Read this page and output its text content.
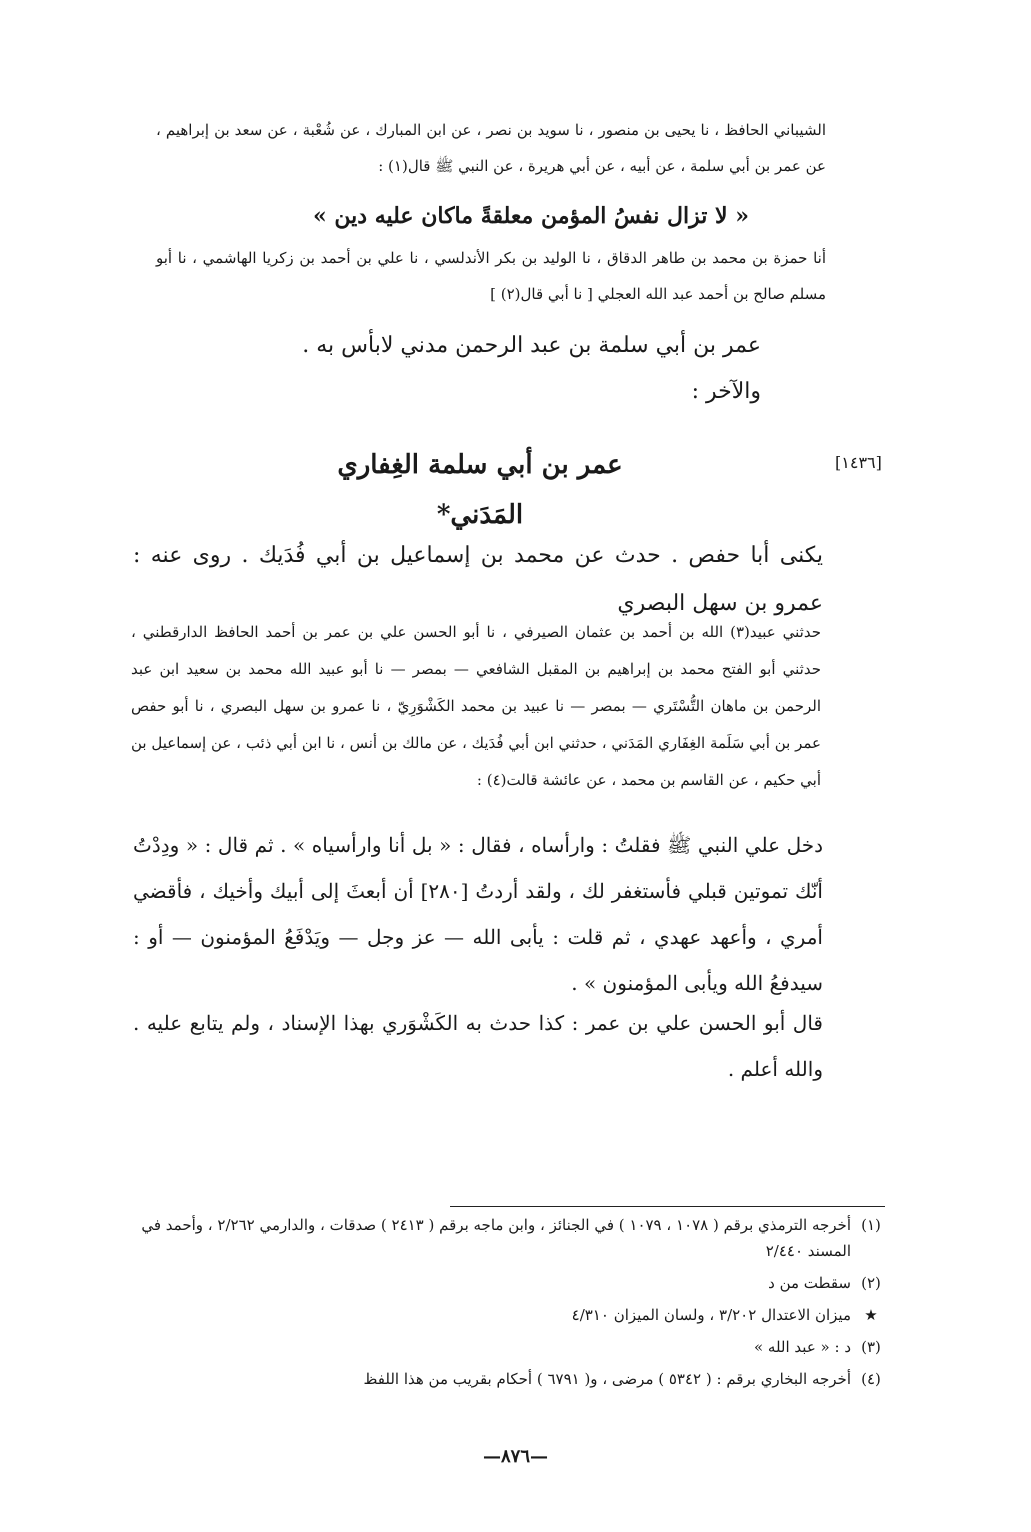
الشيباني الحافظ ، نا يحيى بن منصور ، نا سويد بن نصر ، عن ابن المبارك ، عن شُعْبة ، عن سعد بن إبراهيم ، عن عمر بن أبي سلمة ، عن أبيه ، عن أبي هريرة ، عن النبي ﷺ قال(١) :
« لا تزال نفسُ المؤمن معلقةً ماكان عليه دين »
أنا حمزة بن محمد بن طاهر الدقاق ، نا الوليد بن بكر الأندلسي ، نا علي بن أحمد بن زكريا الهاشمي ، نا أبو مسلم صالح بن أحمد عبد الله العجلي [ نا أبي قال(٢) ]
عمر بن أبي سلمة بن عبد الرحمن مدني لابأس به .
والآخر :
[١٤٣٦]
عمر بن أبي سلمة الغِفاري المَدَني*
يكنى أبا حفص . حدث عن محمد بن إسماعيل بن أبي فُدَيك . روى عنه : عمرو بن سهل البصري
حدثني عبيد(٣) الله بن أحمد بن عثمان الصيرفي ، نا أبو الحسن علي بن عمر بن أحمد الحافظ الدارقطني ، حدثني أبو الفتح محمد بن إبراهيم بن المقبل الشافعي — بمصر — نا أبو عبيد الله محمد بن سعيد ابن عبد الرحمن بن ماهان التُّسْتَري — بمصر — نا عبيد بن محمد الكَشْوَرِيّ ، نا عمرو بن سهل البصري ، نا أبو حفص عمر بن أبي سَلَمة الغِفَاري المَدَني ، حدثني ابن أبي فُدَيك ، عن مالك بن أنس ، نا ابن أبي ذئب ، عن إسماعيل بن أبي حكيم ، عن القاسم بن محمد ، عن عائشة قالت(٤) :
دخل علي النبي ﷺ فقلتُ : وارأساه ، فقال : « بل أنا وارأسياه » . ثم قال : « ودِدْتُ أنّك تموتين قبلي فأستغفر لك ، ولقد أردتُ [٢٨٠] أن أبعثَ إلى أبيك وأخيك ، فأقضي أمري ، وأعهد عهدي ، ثم قلت : يأبى الله — عز وجل — ويَدْفَعُ المؤمنون — أو : سيدفعُ الله ويأبى المؤمنون » .
قال أبو الحسن علي بن عمر : كذا حدث به الكَشْوَري بهذا الإسناد ، ولم يتابع عليه . والله أعلم .
(١)
أخرجه الترمذي برقم ( ١٠٧٨ ، ١٠٧٩ ) في الجنائز ، وابن ماجه برقم ( ٢٤١٣ ) صدقات ، والدارمي ٢/٢٦٢ ، وأحمد في المسند ٢/٤٤٠
(٢)
سقطت من د
★
ميزان الاعتدال ٣/٢٠٢ ، ولسان الميزان ٤/٣١٠
(٣)
د : « عبد الله »
(٤)
أخرجه البخاري برقم : ( ٥٣٤٢ ) مرضى ، و( ٦٧٩١ ) أحكام بقريب من هذا اللفظ
—٨٧٦—
